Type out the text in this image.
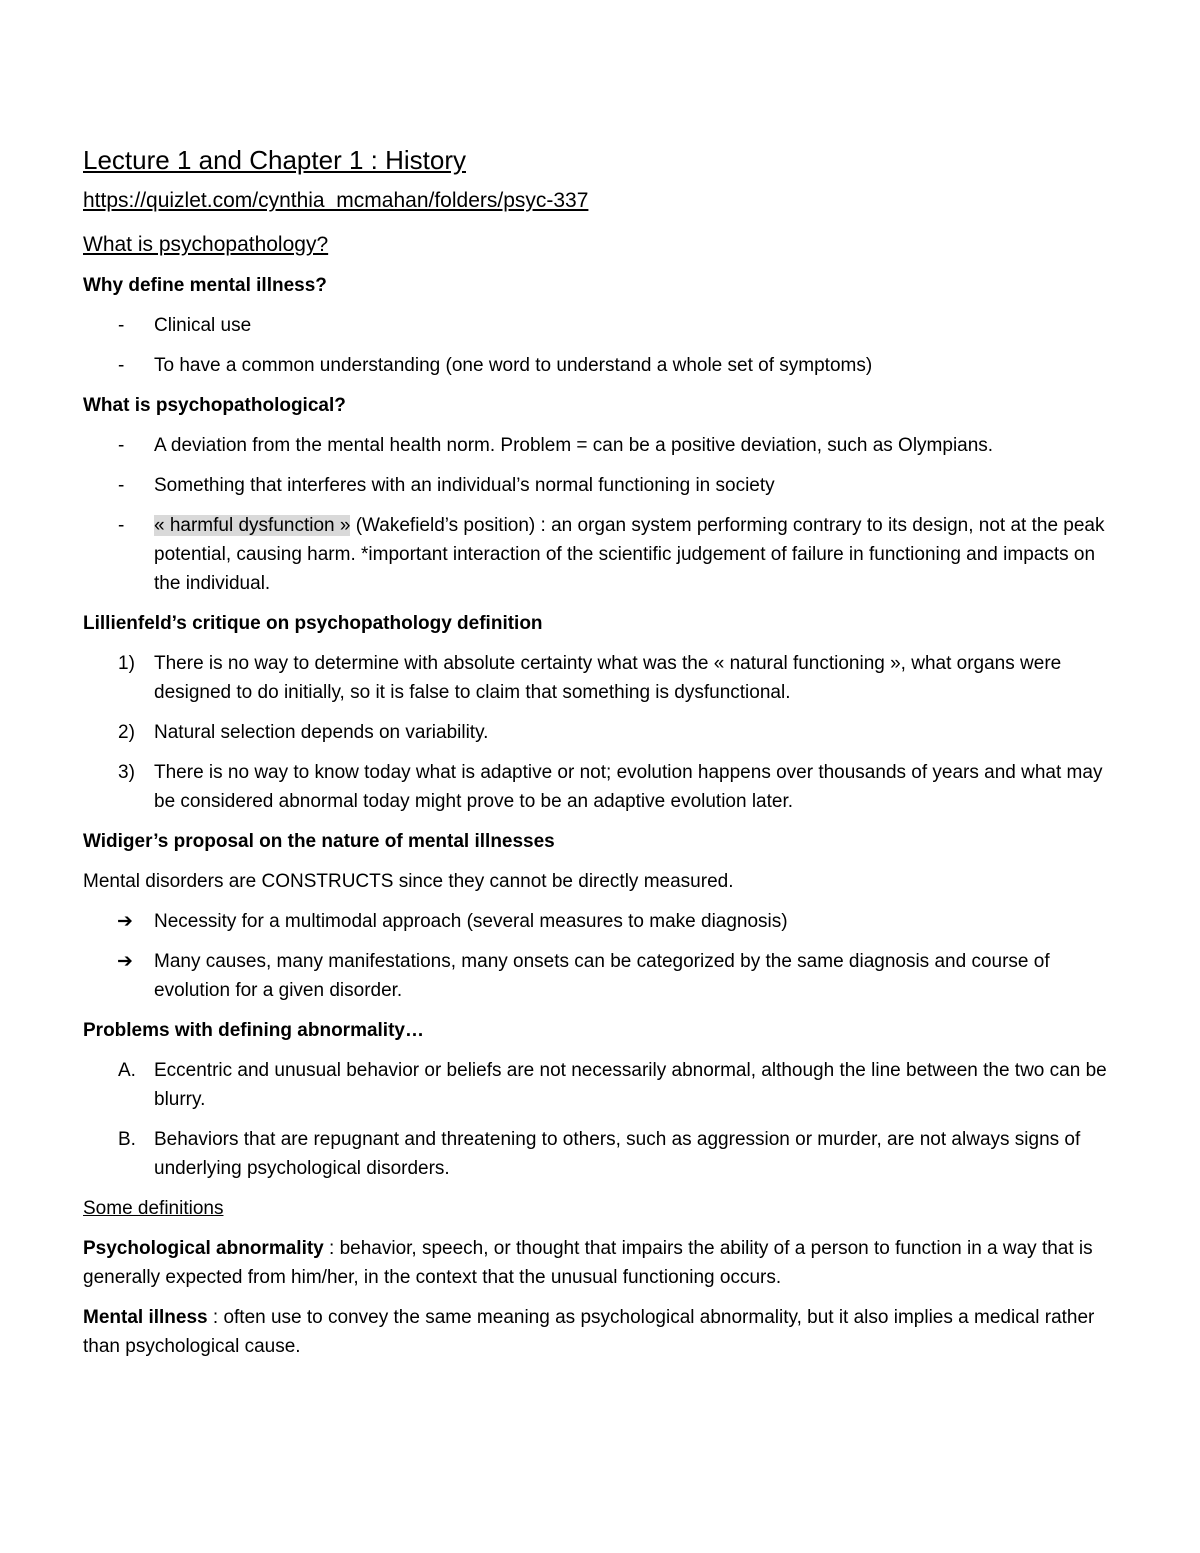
Lecture 1 and Chapter 1 : History
https://quizlet.com/cynthia_mcmahan/folders/psyc-337
What is psychopathology?
Why define mental illness?
- Clinical use
- To have a common understanding (one word to understand a whole set of symptoms)
What is psychopathological?
- A deviation from the mental health norm. Problem = can be a positive deviation, such as Olympians.
- Something that interferes with an individual’s normal functioning in society
- « harmful dysfunction » (Wakefield’s position) : an organ system performing contrary to its design, not at the peak potential, causing harm. *important interaction of the scientific judgement of failure in functioning and impacts on the individual.
Lillienfeld’s critique on psychopathology definition
1) There is no way to determine with absolute certainty what was the « natural functioning », what organs were designed to do initially, so it is false to claim that something is dysfunctional.
2) Natural selection depends on variability.
3) There is no way to know today what is adaptive or not; evolution happens over thousands of years and what may be considered abnormal today might prove to be an adaptive evolution later.
Widiger’s proposal on the nature of mental illnesses
Mental disorders are CONSTRUCTS since they cannot be directly measured.
➔ Necessity for a multimodal approach (several measures to make diagnosis)
➔ Many causes, many manifestations, many onsets can be categorized by the same diagnosis and course of evolution for a given disorder.
Problems with defining abnormality…
A. Eccentric and unusual behavior or beliefs are not necessarily abnormal, although the line between the two can be blurry.
B. Behaviors that are repugnant and threatening to others, such as aggression or murder, are not always signs of underlying psychological disorders.
Some definitions
Psychological abnormality : behavior, speech, or thought that impairs the ability of a person to function in a way that is generally expected from him/her, in the context that the unusual functioning occurs.
Mental illness : often use to convey the same meaning as psychological abnormality, but it also implies a medical rather than psychological cause.
